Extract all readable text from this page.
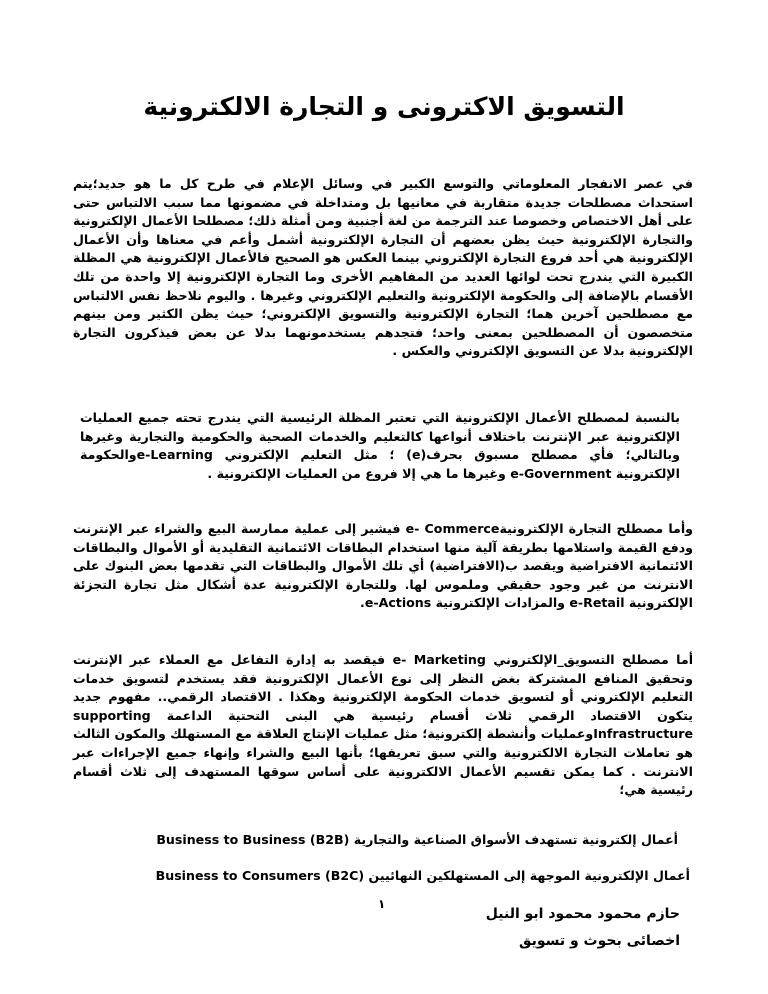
التسويق الاكترونى و التجارة الالكترونية
في عصر الانفجار المعلوماتي والتوسع الكبير في وسائل الإعلام في طرح كل ما هو جديد؛يتم استحداث مصطلحات جديدة متقاربة في معانيها بل ومتداخلة في مضمونها مما سبب الالتباس حتى على أهل الاختصاص وخصوصا عند الترجمة من لغة أجنبية ومن أمثلة ذلك؛ مصطلحا الأعمال الإلكترونية والتجارة الإلكترونية حيث يظن بعضهم أن التجارة الإلكترونية أشمل وأعم في معناها وأن الأعمال الإلكترونية هي أحد فروع التجارة الإلكتروني بينما العكس هو الصحيح فالأعمال الإلكترونية هي المظلة الكبيرة التي يندرج تحت لوائها العديد من المفاهيم الأخرى وما التجارة الإلكترونية إلا واحدة من تلك الأقسام بالإضافة إلى والحكومة الإلكترونية والتعليم الإلكتروني وغيرها . واليوم نلاحظ نفس الالتباس مع مصطلحين آخرين هما؛ التجارة الإلكترونية والتسويق الإلكتروني؛ حيث يظن الكثير ومن بينهم متخصصون أن المصطلحين بمعنى واحد؛ فتجدهم يستخدمونهما بدلا عن بعض فيذكرون التجارة الإلكترونية بدلا عن التسويق الإلكتروني والعكس .
بالنسبة لمصطلح الأعمال الإلكترونية التي تعتبر المظلة الرئيسية التي يندرج تحته جميع العمليات الإلكترونية عبر الإنترنت باختلاف أنواعها كالتعليم والخدمات الصحية والحكومية والتجارية وغيرها وبالتالي؛ فأي مصطلح مسبوق بحرف(e) ؛ مثل التعليم الإلكتروني e-Learningوالحكومة الإلكترونية e-Government وغيرها ما هي إلا فروع من العمليات الإلكترونية .
وأما مصطلح التجارة الإلكترونيةe- Commerce فيشير إلى عملية ممارسة البيع والشراء عبر الإنترنت ودفع القيمة واستلامها بطريقة آلية منها استخدام البطاقات الائتمانية التقليدية أو الأموال والبطاقات الائتمانية الافتراضية ويقصد ب(الافتراضية) أي تلك الأموال والبطاقات التي تقدمها بعض البنوك على الانترنت من غير وجود حقيقي وملموس لها. وللتجارة الإلكترونية عدة أشكال مثل تجارة التجزئة الإلكترونية e-Retail والمزادات الإلكترونية e-Actions.
أما مصطلح التسويق_الإلكتروني e- Marketing فيقصد به إدارة التفاعل مع العملاء عبر الإنترنت وتحقيق المنافع المشتركة بغض النظر إلى نوع الأعمال الإلكترونية فقد يستخدم لتسويق خدمات التعليم الإلكتروني أو لتسويق خدمات الحكومة الإلكترونية وهكذا . الاقتصاد الرقمي.. مفهوم جديد يتكون الاقتصاد الرقمي ثلاث أقسام رئيسية هي البنى التحتية الداعمة supporting Infrastructureوعمليات وأنشطة إلكترونية؛ مثل عمليات الإنتاج العلاقة مع المستهلك والمكون الثالث هو تعاملات التجارة الالكترونية والتي سبق تعريفها؛ بأنها البيع والشراء وإنهاء جميع الإجراءات عبر الانترنت . كما يمكن تقسيم الأعمال الالكترونية على أساس سوقها المستهدف إلى ثلاث أقسام رئيسية هي؛
أعمال إلكترونية تستهدف الأسواق الصناعية والتجارية Business to Business (B2B)
أعمال الإلكترونية الموجهة إلى المستهلكين النهائيين Business to Consumers (B2C)
١
حازم محمود محمود ابو النيل
اخصائى بحوث و تسويق
